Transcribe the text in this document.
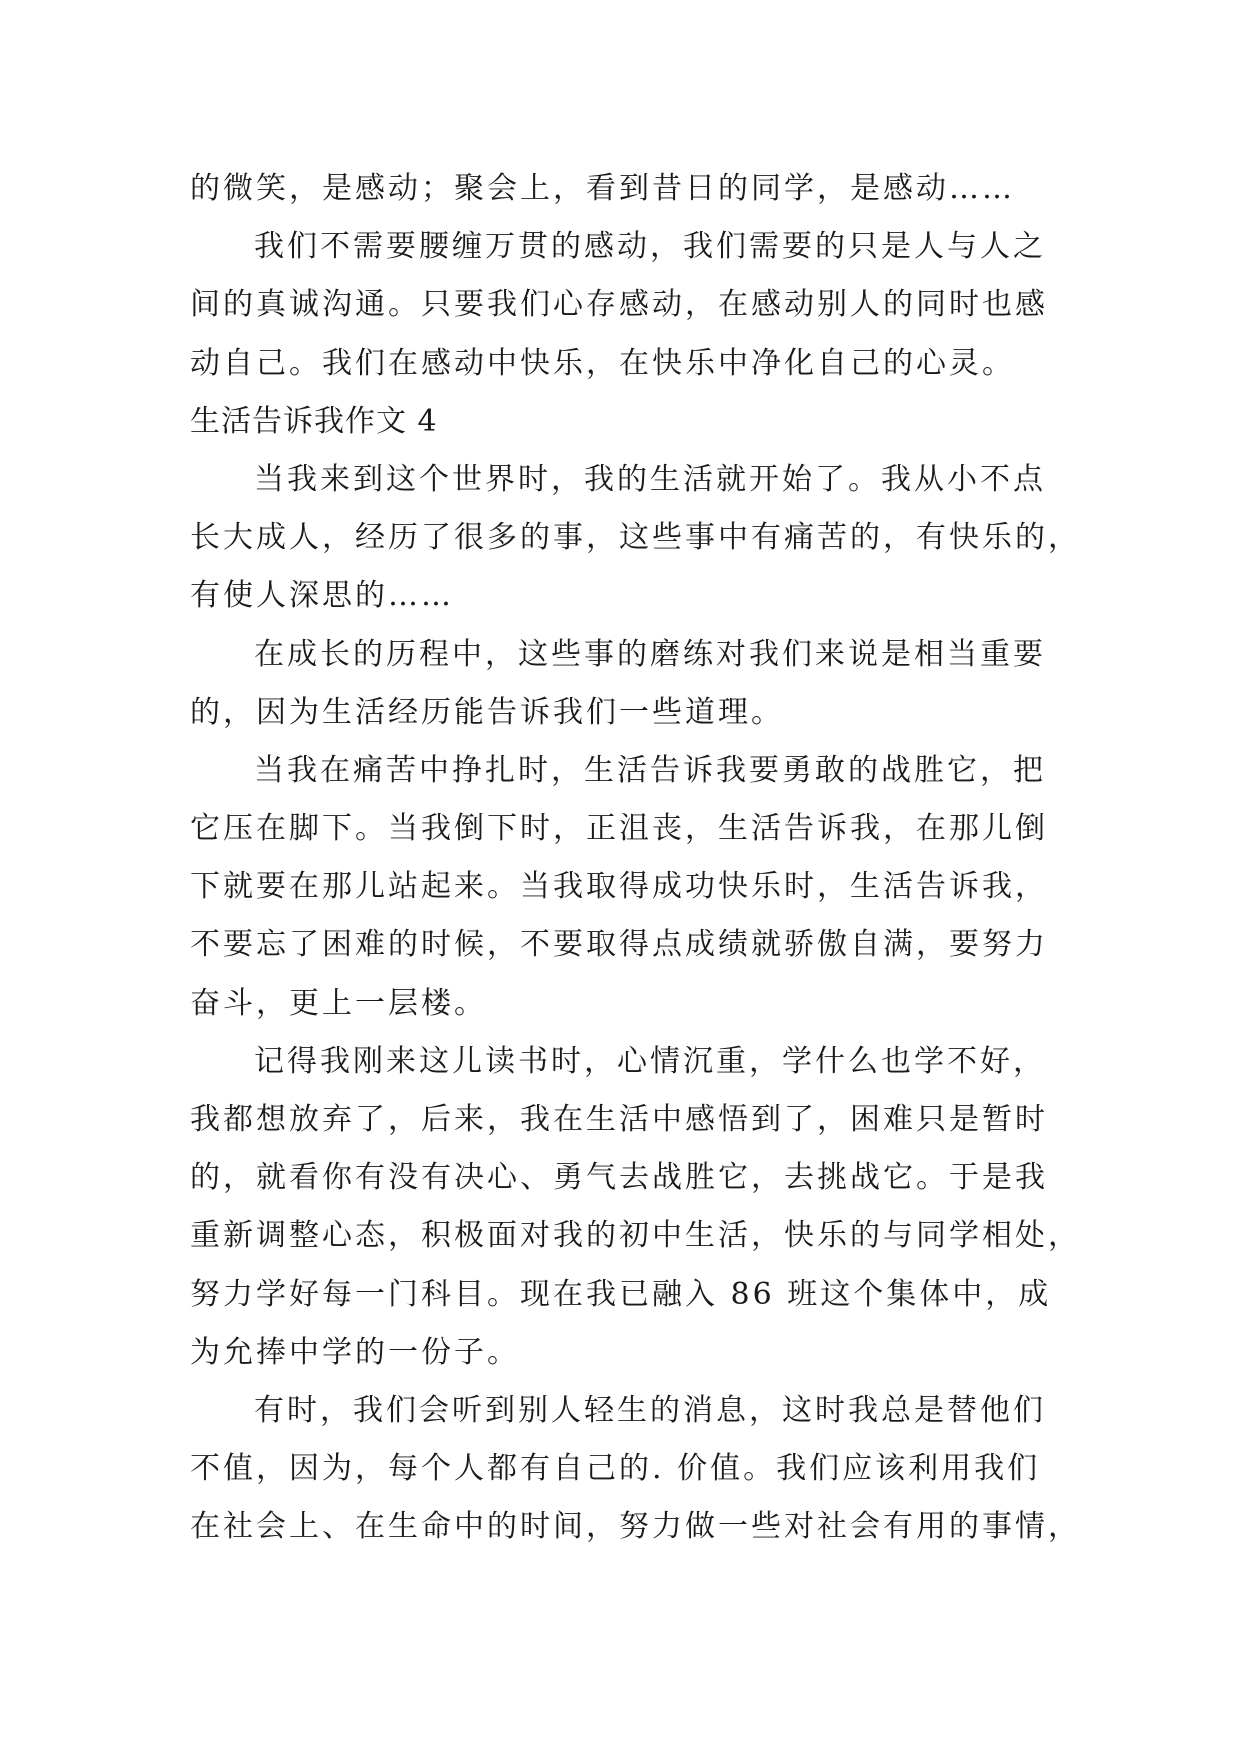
的微笑，是感动；聚会上，看到昔日的同学，是感动……
我们不需要腰缠万贯的感动，我们需要的只是人与人之
间的真诚沟通。只要我们心存感动，在感动别人的同时也感
动自己。我们在感动中快乐，在快乐中净化自己的心灵。
生活告诉我作文 4
当我来到这个世界时，我的生活就开始了。我从小不点
长大成人，经历了很多的事，这些事中有痛苦的，有快乐的，
有使人深思的……
在成长的历程中，这些事的磨练对我们来说是相当重要
的，因为生活经历能告诉我们一些道理。
当我在痛苦中挣扎时，生活告诉我要勇敢的战胜它，把
它压在脚下。当我倒下时，正沮丧，生活告诉我，在那儿倒
下就要在那儿站起来。当我取得成功快乐时，生活告诉我，
不要忘了困难的时候，不要取得点成绩就骄傲自满，要努力
奋斗，更上一层楼。
记得我刚来这儿读书时，心情沉重，学什么也学不好，
我都想放弃了，后来，我在生活中感悟到了，困难只是暂时
的，就看你有没有决心、勇气去战胜它，去挑战它。于是我
重新调整心态，积极面对我的初中生活，快乐的与同学相处，
努力学好每一门科目。现在我已融入 86 班这个集体中，成
为允捧中学的一份子。
有时，我们会听到别人轻生的消息，这时我总是替他们
不值，因为，每个人都有自己的. 价值。我们应该利用我们
在社会上、在生命中的时间，努力做一些对社会有用的事情，
